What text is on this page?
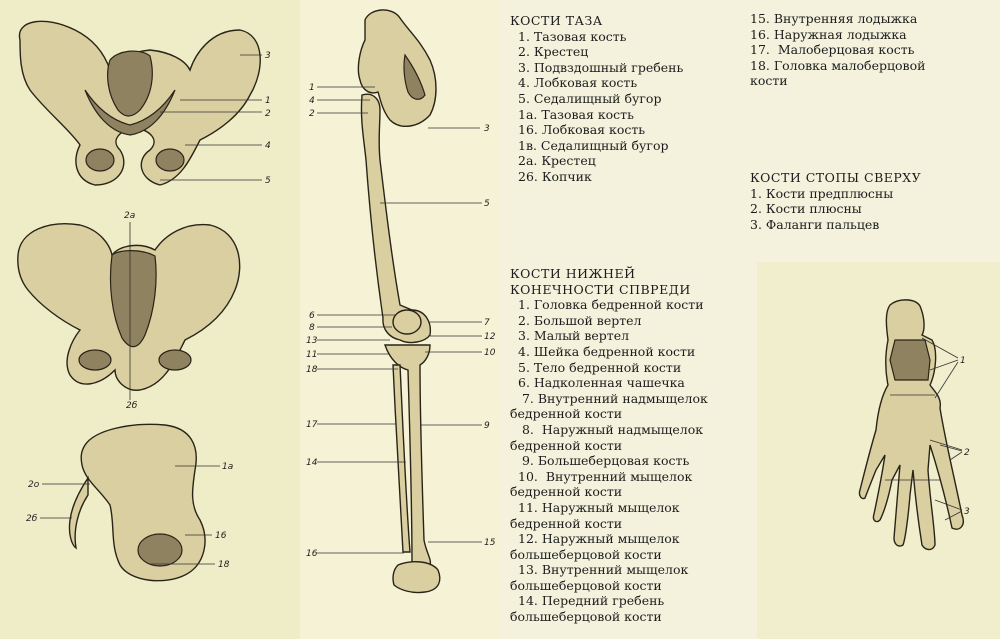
3
1
2
4
5
2а
2б
1а
2о
2б
16
18
1
4
2
6
8
13
11
18
17
14
16
3
5
7
12
10
9
15
1
2
3
КОСТИ ТАЗА
1. Тазовая кость
2. Крестец
3. Подвздошный гребень
4. Лобковая кость
5. Седалищный бугор
1а. Тазовая кость
16. Лобковая кость
1в. Седалищный бугор
2а. Крестец
26. Копчик
15. Внутренняя лодыжка
16. Наружная лодыжка
17.  Малоберцовая кость
18. Головка малоберцовой
кости
КОСТИ СТОПЫ СВЕРХУ
1. Кости предплюсны
2. Кости плюсны
3. Фаланги пальцев
КОСТИ НИЖНЕЙ
КОНЕЧНОСТИ СПВРЕДИ
1. Головка бедренной кости
2. Большой вертел
3. Малый вертел
4. Шейка бедренной кости
5. Тело бедренной кости
6. Надколенная чашечка
7. Внутренний надмыщелок
бедренной кости
8.  Наружный надмыщелок
бедренной кости
9. Большеберцовая кость
10.  Внутренний мыщелок
бедренной кости
11. Наружный мыщелок
бедренной кости
12. Наружный мыщелок
большеберцовой кости
13. Внутренний мыщелок
большеберцовой кости
14. Передний гребень
большеберцовой кости
